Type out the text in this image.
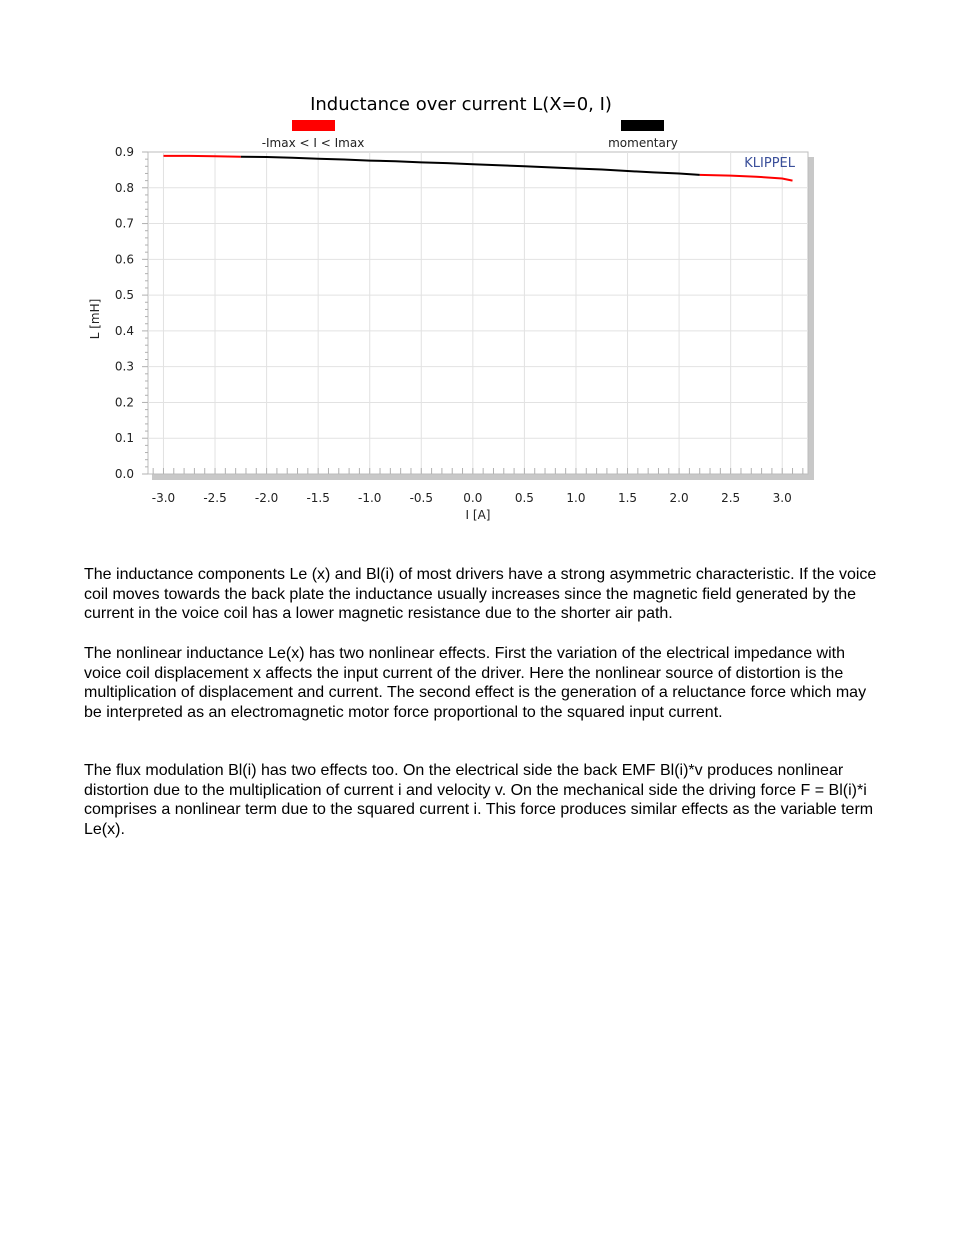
Inductance over current L(X=0, I)
-Imax < I < Imax	momentary
0.9
0.8
0.7
0.6
0.5
0.4
0.3
0.2
0.1
0.0
-3.0 -2.5 -2.0 -1.5 -1.0 -0.5	0.0	0.5	1.0	1.5	2.0	2.5	3.0
KLIPPEL
I [A]
L [mH]

The inductance components Le (x) and Bl(i) of most drivers have a strong asymmetric characteristic. If the voice coil moves towards the back plate the inductance usually increases since the magnetic field generated by the current in the voice coil has a lower magnetic resistance due to the shorter air path.

The nonlinear inductance Le(x) has two nonlinear effects. First the variation of the electrical impedance with voice coil displacement x affects the input current of the driver. Here the nonlinear source of distortion is the multiplication of displacement and current. The second effect is the generation of a reluctance force which may be interpreted as an electromagnetic motor force proportional to the squared input current.

The flux modulation Bl(i) has two effects too. On the electrical side the back EMF Bl(i)*v produces nonlinear distortion due to the multiplication of current i and velocity v. On the mechanical side the driving force F = Bl(i)*i comprises a nonlinear term due to the squared current i. This force produces similar effects as the variable term Le(x).
